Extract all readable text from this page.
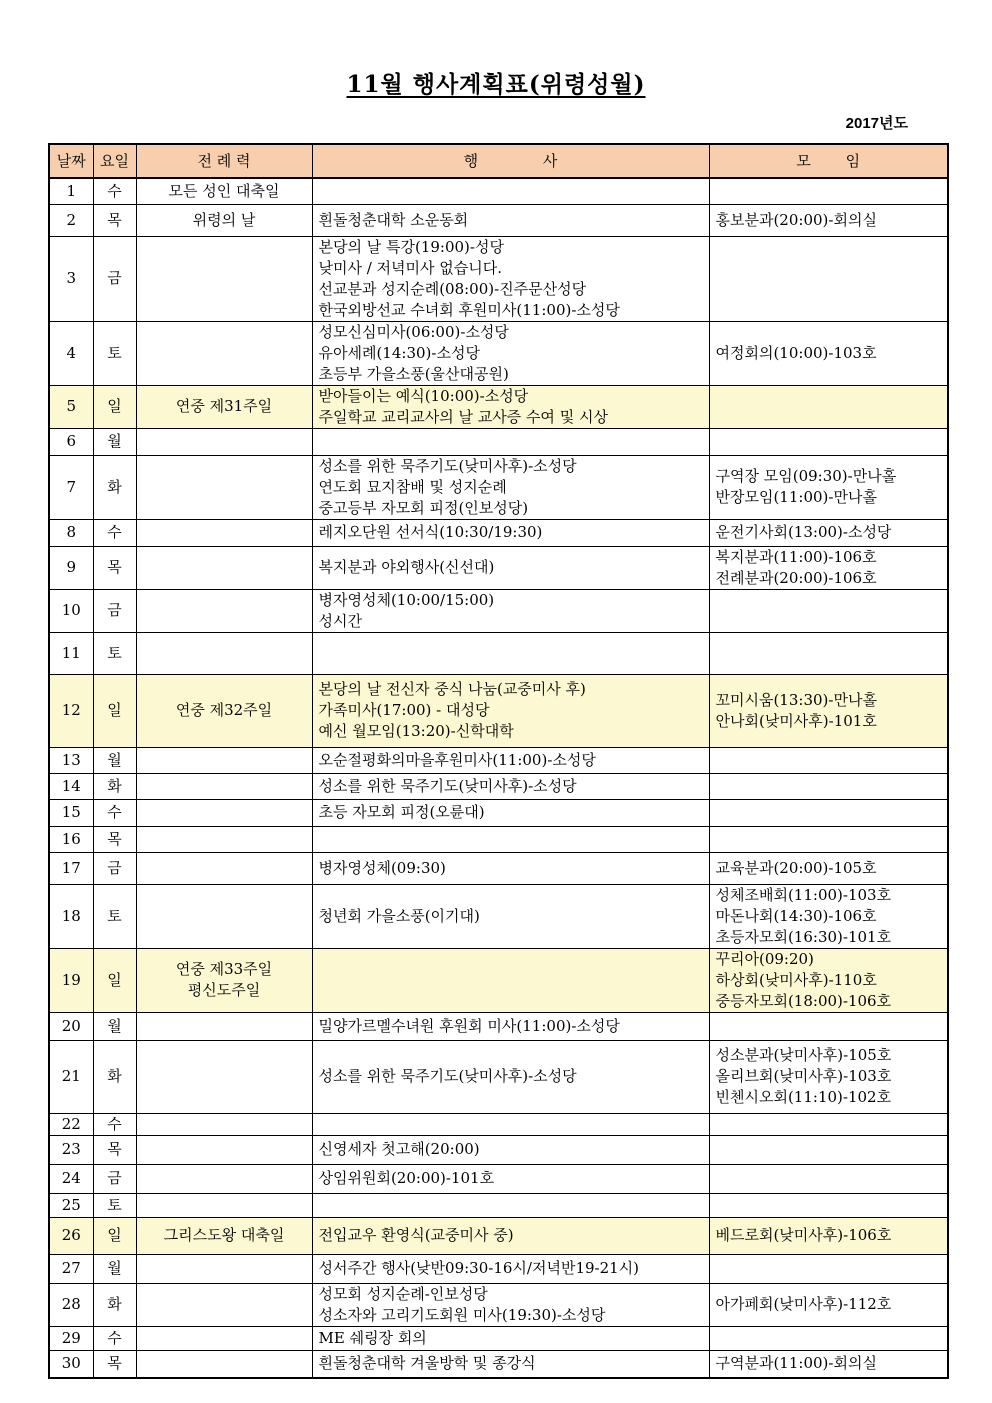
11월 행사계획표(위령성월)
2017년도
날짜	요일	전 례 력	행 사	모 임
1	수	모든 성인 대축일		

2	목	위령의 날	흰돌청춘대학 소운동회	홍보분과(20:00)-회의실

3	금		본당의 날 특강(19:00)-성당
낮미사 / 저녁미사 없습니다.
선교분과 성지순례(08:00)-진주문산성당
한국외방선교 수녀회 후원미사(11:00)-소성당	

4	토		성모신심미사(06:00)-소성당
유아세례(14:30)-소성당
초등부 가을소풍(울산대공원)	여정회의(10:00)-103호

5	일	연중 제31주일	받아들이는 예식(10:00)-소성당
주일학교 교리교사의 날 교사증 수여 및 시상	

6	월			
7	화		성소를 위한 묵주기도(낮미사후)-소성당
연도회 묘지참배 및 성지순례
중고등부 자모회 피정(인보성당)	구역장 모임(09:30)-만나홀
반장모임(11:00)-만나홀

8	수		레지오단원 선서식(10:30/19:30)	운전기사회(13:00)-소성당

9	목		복지분과 야외행사(신선대)	복지분과(11:00)-106호
전례분과(20:00)-106호

10	금		병자영성체(10:00/15:00)
성시간	

11	토			
12	일	연중 제32주일	본당의 날 전신자 중식 나눔(교중미사 후)
가족미사(17:00) - 대성당
예신 월모임(13:20)-신학대학	꼬미시움(13:30)-만나홀
안나회(낮미사후)-101호

13	월		오순절평화의마을후원미사(11:00)-소성당	

14	화		성소를 위한 묵주기도(낮미사후)-소성당	

15	수		초등 자모회 피정(오륜대)	

16	목			
17	금		병자영성체(09:30)	교육분과(20:00)-105호

18	토		청년회 가을소풍(이기대)	성체조배회(11:00)-103호
마돈나회(14:30)-106호
초등자모회(16:30)-101호

19	일	연중 제33주일
평신도주일		꾸리아(09:20)
하상회(낮미사후)-110호
중등자모회(18:00)-106호

20	월		밀양가르멜수녀원 후원회 미사(11:00)-소성당	

21	화		성소를 위한 묵주기도(낮미사후)-소성당	성소분과(낮미사후)-105호
올리브회(낮미사후)-103호
빈첸시오회(11:10)-102호

22	수			
23	목		신영세자 첫고해(20:00)	

24	금		상임위원회(20:00)-101호	

25	토			
26	일	그리스도왕 대축일	전입교우 환영식(교중미사 중)	베드로회(낮미사후)-106호

27	월		성서주간 행사(낮반09:30-16시/저녁반19-21시)	

28	화		성모회 성지순례-인보성당
성소자와 고리기도회원 미사(19:30)-소성당	아가페회(낮미사후)-112호

29	수		ME 쉐링장 회의	

30	목		흰돌청춘대학 겨울방학 및 종강식	구역분과(11:00)-회의실
